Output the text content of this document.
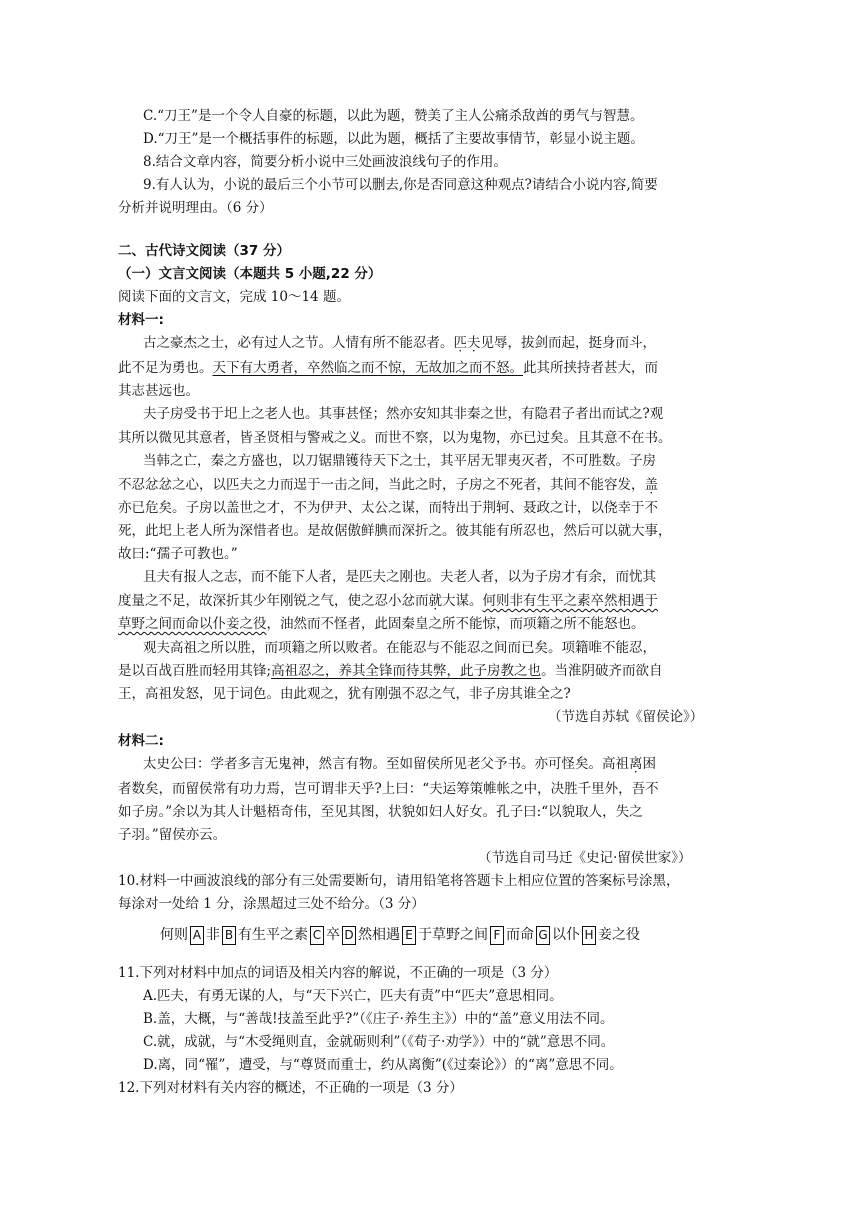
C.“刀王”是一个令人自豪的标题，以此为题，赞美了主人公痛杀敌酋的勇气与智慧。
D.“刀王”是一个概括事件的标题，以此为题，概括了主要故事情节，彰显小说主题。
8.结合文章内容，简要分析小说中三处画波浪线句子的作用。
9.有人认为，小说的最后三个小节可以删去,你是否同意这种观点?请结合小说内容,简要
分析并说明理由。（6 分）
二、古代诗文阅读（37 分）
（一）文言文阅读（本题共 5 小题,22 分）
阅读下面的文言文，完成 10～14 题。
材料一:
古之豪杰之士，必有过人之节。人情有所不能忍者。匹夫见辱，拔剑而起，挺身而斗，
此不足为勇也。天下有大勇者，卒然临之而不惊，无故加之而不怒。此其所挟持者甚大，而
其志甚远也。
夫子房受书于圯上之老人也。其事甚怪；然亦安知其非秦之世，有隐君子者出而试之?观
其所以微见其意者，皆圣贤相与警戒之义。而世不察，以为鬼物，亦已过矣。且其意不在书。
当韩之亡，秦之方盛也，以刀锯鼎镬待天下之士，其平居无罪夷灭者，不可胜数。子房
不忍忿忿之心，以匹夫之力而逞于一击之间，当此之时，子房之不死者，其间不能容发，盖
亦已危矣。子房以盖世之才，不为伊尹、太公之谋，而特出于荆轲、聂政之计，以侥幸于不
死，此圯上老人所为深惜者也。是故倨傲鲜腆而深折之。彼其能有所忍也，然后可以就大事，
故曰:“孺子可教也。”
且夫有报人之志，而不能下人者，是匹夫之刚也。夫老人者，以为子房才有余，而忧其
度量之不足，故深折其少年刚锐之气，使之忍小忿而就大谋。何则非有生平之素卒然相遇于
草野之间而命以仆妾之役，油然而不怪者，此固秦皇之所不能惊，而项籍之所不能怒也。
观夫高祖之所以胜，而项籍之所以败者。在能忍与不能忍之间而已矣。项籍唯不能忍，
是以百战百胜而轻用其锋;高祖忍之，养其全锋而待其弊，此子房教之也。当淮阴破齐而欲自
王，高祖发怒，见于词色。由此观之，犹有刚强不忍之气，非子房其谁全之?
（节选自苏轼《留侯论》）
材料二:
太史公曰：学者多言无鬼神，然言有物。至如留侯所见老父予书。亦可怪矣。高祖离困
者数矣，而留侯常有功力焉，岂可谓非天乎?上曰：“夫运筹策帷帐之中，决胜千里外，吾不
如子房。”余以为其人计魁梧奇伟，至见其图，状貌如妇人好女。孔子曰:“以貌取人，失之
子羽。”留侯亦云。
（节选自司马迁《史记·留侯世家》）
10.材料一中画波浪线的部分有三处需要断句，请用铅笔将答题卡上相应位置的答案标号涂黑，
每涂对一处给 1 分，涂黑超过三处不给分。（3 分）
何则 A 非 B 有生平之素 C 卒 D 然相遇 E 于草野之间 F 而命 G 以仆 H 妾之役
11.下列对材料中加点的词语及相关内容的解说，不正确的一项是（3 分）
A.匹夫，有勇无谋的人，与“天下兴亡，匹夫有责”中“匹夫”意思相同。
B.盖，大概，与“善哉!技盖至此乎?”（《庄子·养生主》）中的“盖”意义用法不同。
C.就，成就，与“木受绳则直，金就砺则利”（《荀子·劝学》）中的“就”意思不同。
D.离，同“罹”，遭受，与“尊贤而重士，约从离衡”(《过秦论》）的“离”意思不同。
12.下列对材料有关内容的概述，不正确的一项是（3 分）
